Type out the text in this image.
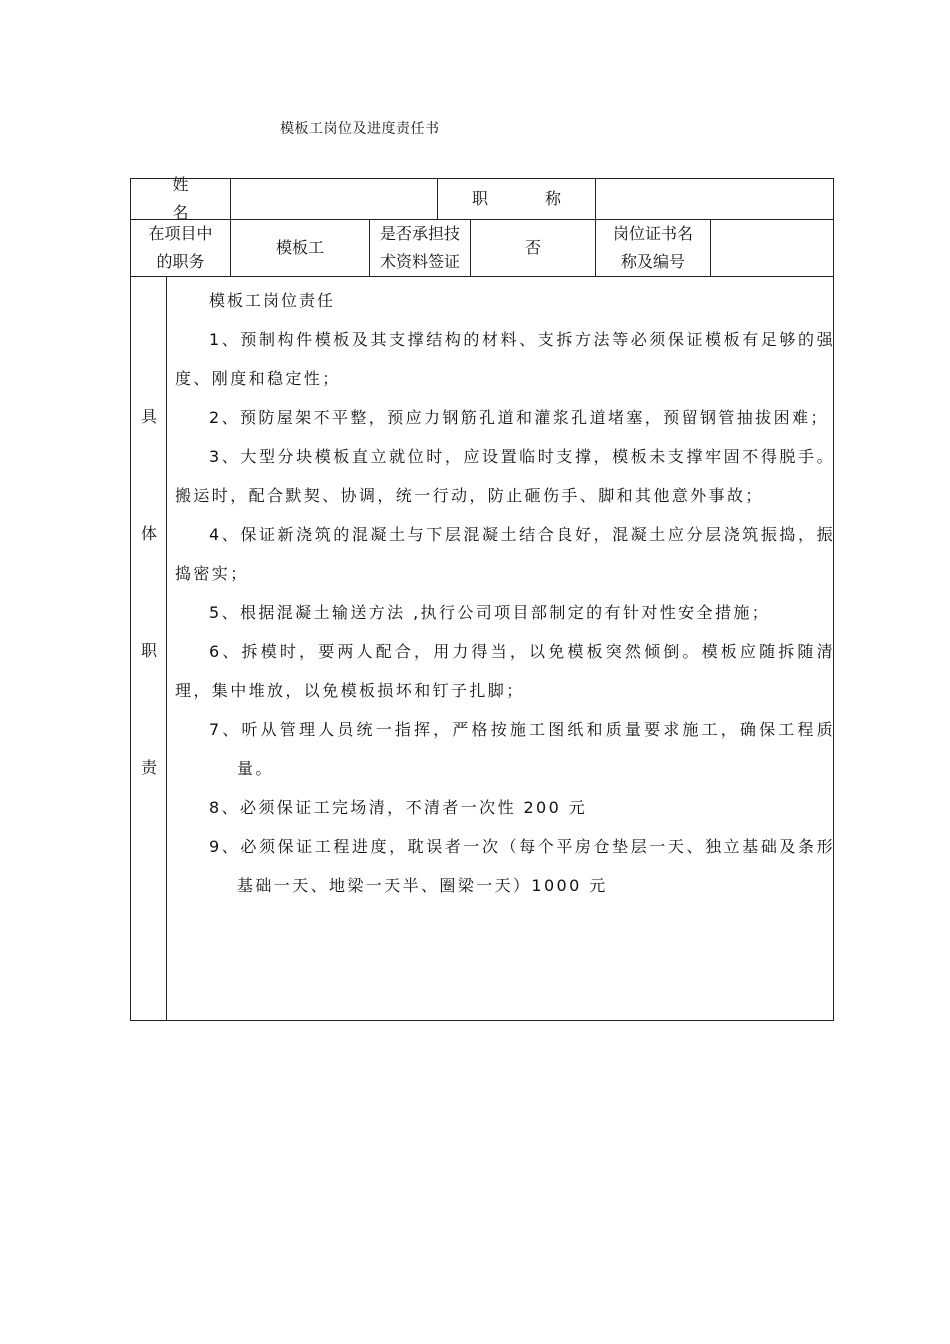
模板工岗位及进度责任书
姓 名
职 称
在项目中
的职务
模板工
是否承担技
术资料签证
否
岗位证书名
称及编号
具
体
职
责

模板工岗位责任

1、预制构件模板及其支撑结构的材料、支拆方法等必须保证模板有足够的强度、刚度和稳定性；

2、预防屋架不平整，预应力钢筋孔道和灌浆孔道堵塞，预留钢管抽拔困难；

3、大型分块模板直立就位时，应设置临时支撑，模板未支撑牢固不得脱手。搬运时，配合默契、协调，统一行动，防止砸伤手、脚和其他意外事故；

4、保证新浇筑的混凝土与下层混凝土结合良好，混凝土应分层浇筑振捣，振捣密实；

5、根据混凝土输送方法 ,执行公司项目部制定的有针对性安全措施；

6、拆模时，要两人配合，用力得当，以免模板突然倾倒。模板应随拆随清理，集中堆放，以免模板损坏和钉子扎脚；

7、听从管理人员统一指挥，严格按施工图纸和质量要求施工，确保工程质量。

8、必须保证工完场清，不清者一次性 200 元

9、必须保证工程进度，耽误者一次（每个平房仓垫层一天、独立基础及条形基础一天、地梁一天半、圈梁一天）1000 元
